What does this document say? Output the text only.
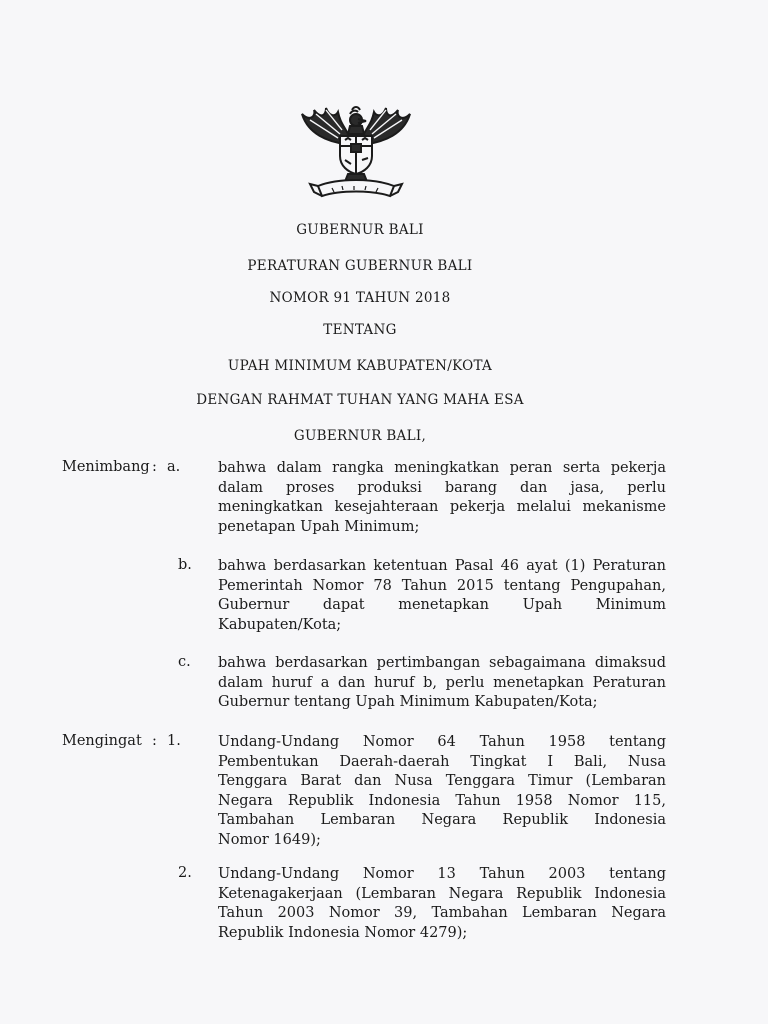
GUBERNUR BALI
PERATURAN GUBERNUR BALI
NOMOR 91 TAHUN 2018
TENTANG
UPAH MINIMUM KABUPATEN/KOTA
DENGAN RAHMAT TUHAN YANG MAHA ESA
GUBERNUR BALI,
Menimbang : a.	bahwa dalam rangka meningkatkan peran serta pekerja
dalam proses produksi barang dan jasa, perlu
meningkatkan kesejahteraan pekerja melalui mekanisme
penetapan Upah Minimum;
b. bahwa berdasarkan ketentuan Pasal 46 ayat (1) Peraturan
Pemerintah Nomor 78 Tahun 2015 tentang Pengupahan,
Gubernur dapat menetapkan Upah Minimum
Kabupaten/Kota;
c. bahwa berdasarkan pertimbangan sebagaimana dimaksud
dalam huruf a dan huruf b, perlu menetapkan Peraturan
Gubernur tentang Upah Minimum Kabupaten/Kota;
Mengingat : 1.	Undang-Undang Nomor 64 Tahun 1958 tentang
Pembentukan Daerah-daerah Tingkat I Bali, Nusa
Tenggara Barat dan Nusa Tenggara Timur (Lembaran
Negara Republik Indonesia Tahun 1958 Nomor 115,
Tambahan Lembaran Negara Republik Indonesia
Nomor 1649);
2. Undang-Undang Nomor 13 Tahun 2003 tentang
Ketenagakerjaan (Lembaran Negara Republik Indonesia
Tahun 2003 Nomor 39, Tambahan Lembaran Negara
Republik Indonesia Nomor 4279);
